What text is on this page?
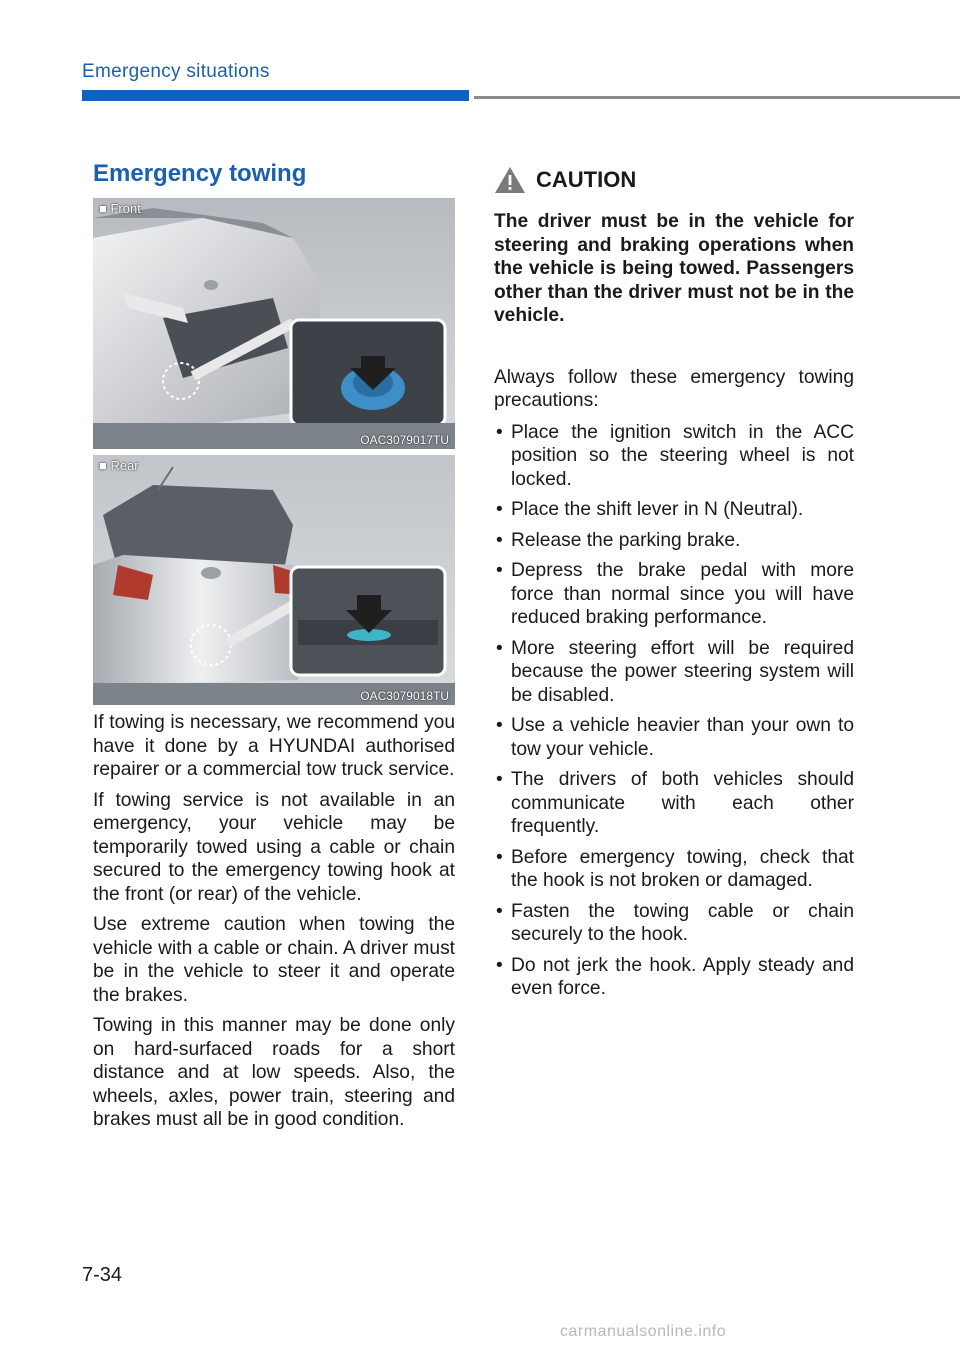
Emergency situations
Emergency towing
■ Front
OAC3079017TU
■ Rear
OAC3079018TU

If towing is necessary, we recommend you have it done by a HYUNDAI authorised repairer or a commercial tow truck service.

If towing service is not available in an emergency, your vehicle may be temporarily towed using a cable or chain secured to the emergency towing hook at the front (or rear) of the vehicle.

Use extreme caution when towing the vehicle with a cable or chain. A driver must be in the vehicle to steer it and operate the brakes.

Towing in this manner may be done only on hard-surfaced roads for a short distance and at low speeds. Also, the wheels, axles, power train, steering and brakes must all be in good condition.

CAUTION

The driver must be in the vehicle for steering and braking operations when the vehicle is being towed. Passengers other than the driver must not be in the vehicle.

Always follow these emergency towing precautions:

• Place the ignition switch in the ACC position so the steering wheel is not locked.
• Place the shift lever in N (Neutral).
• Release the parking brake.
• Depress the brake pedal with more force than normal since you will have reduced braking performance.
• More steering effort will be required because the power steering system will be disabled.
• Use a vehicle heavier than your own to tow your vehicle.
• The drivers of both vehicles should communicate with each other frequently.
• Before emergency towing, check that the hook is not broken or damaged.
• Fasten the towing cable or chain securely to the hook.
• Do not jerk the hook. Apply steady and even force.
7-34
carmanualsonline.info
